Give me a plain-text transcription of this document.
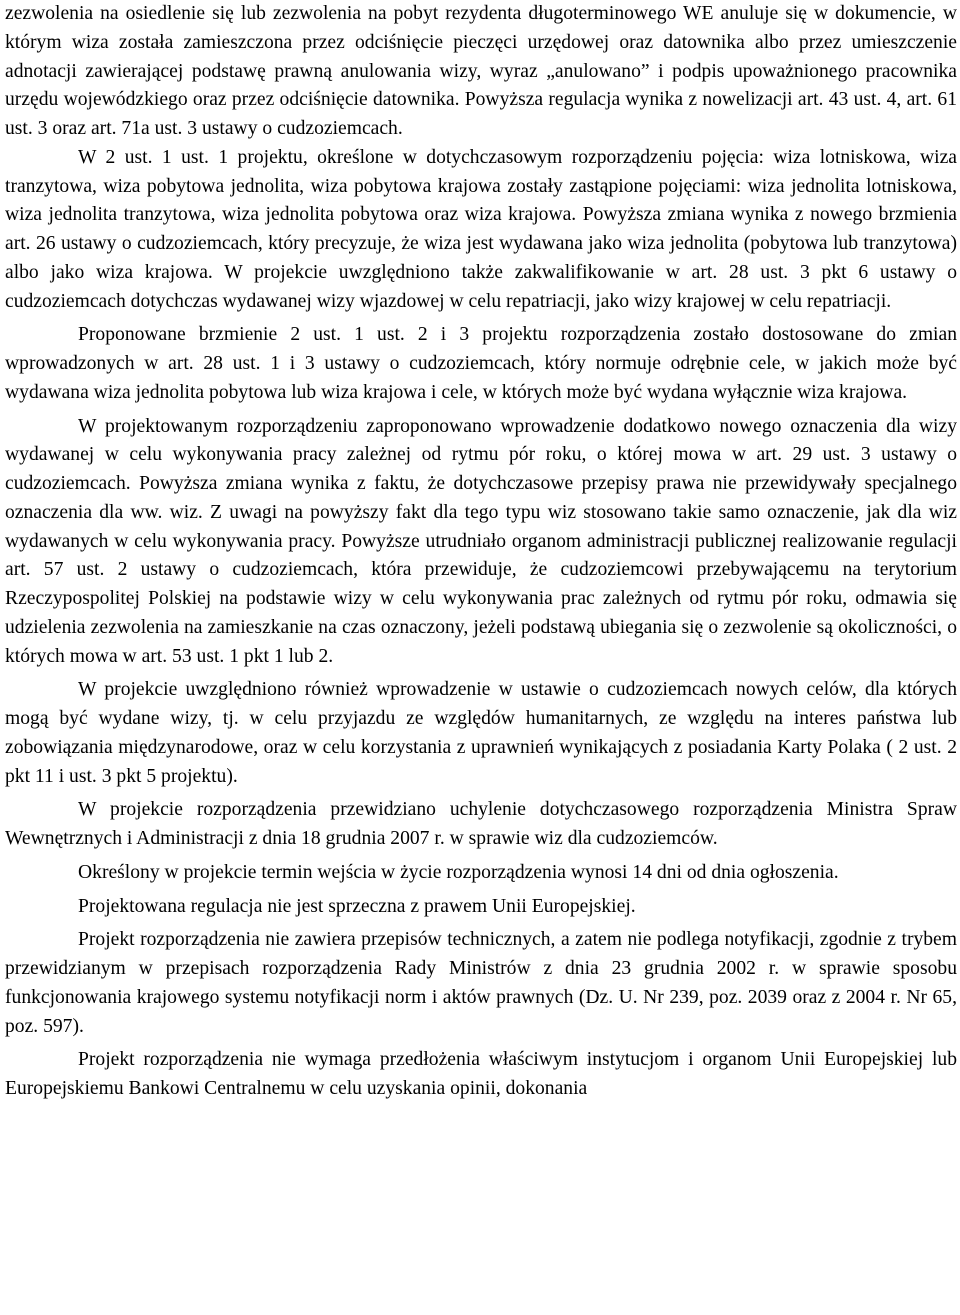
zezwolenia na osiedlenie się lub zezwolenia na pobyt rezydenta długoterminowego WE anuluje się w dokumencie, w którym wiza została zamieszczona przez odciśnięcie pieczęci urzędowej oraz datownika albo przez umieszczenie adnotacji zawierającej podstawę prawną anulowania wizy, wyraz „anulowano” i podpis upoważnionego pracownika urzędu wojewódzkiego oraz przez odciśnięcie datownika. Powyższa regulacja wynika z nowelizacji art. 43 ust. 4, art. 61 ust. 3 oraz art. 71a ust. 3 ustawy o cudzoziemcach.

W 2 ust. 1 ust. 1 projektu, określone w dotychczasowym rozporządzeniu pojęcia: wiza lotniskowa, wiza tranzytowa, wiza pobytowa jednolita, wiza pobytowa krajowa zostały zastąpione pojęciami: wiza jednolita lotniskowa, wiza jednolita tranzytowa, wiza jednolita pobytowa oraz wiza krajowa. Powyższa zmiana wynika z nowego brzmienia art. 26 ustawy o cudzoziemcach, który precyzuje, że wiza jest wydawana jako wiza jednolita (pobytowa lub tranzytowa) albo jako wiza krajowa. W projekcie uwzględniono także zakwalifikowanie w art. 28 ust. 3 pkt 6 ustawy o cudzoziemcach dotychczas wydawanej wizy wjazdowej w celu repatriacji, jako wizy krajowej w celu repatriacji.

Proponowane brzmienie 2 ust. 1 ust. 2 i 3 projektu rozporządzenia zostało dostosowane do zmian wprowadzonych w art. 28 ust. 1 i 3 ustawy o cudzoziemcach, który normuje odrębnie cele, w jakich może być wydawana wiza jednolita pobytowa lub wiza krajowa i cele, w których może być wydana wyłącznie wiza krajowa.

W projektowanym rozporządzeniu zaproponowano wprowadzenie dodatkowo nowego oznaczenia dla wizy wydawanej w celu wykonywania pracy zależnej od rytmu pór roku, o której mowa w art. 29 ust. 3 ustawy o cudzoziemcach. Powyższa zmiana wynika z faktu, że dotychczasowe przepisy prawa nie przewidywały specjalnego oznaczenia dla ww. wiz. Z uwagi na powyższy fakt dla tego typu wiz stosowano takie samo oznaczenie, jak dla wiz wydawanych w celu wykonywania pracy. Powyższe utrudniało organom administracji publicznej realizowanie regulacji art. 57 ust. 2 ustawy o cudzoziemcach, która przewiduje, że cudzoziemcowi przebywającemu na terytorium Rzeczypospolitej Polskiej na podstawie wizy w celu wykonywania prac zależnych od rytmu pór roku, odmawia się udzielenia zezwolenia na zamieszkanie na czas oznaczony, jeżeli podstawą ubiegania się o zezwolenie są okoliczności, o których mowa w art. 53 ust. 1 pkt 1 lub 2.

W projekcie uwzględniono również wprowadzenie w ustawie o cudzoziemcach nowych celów, dla których mogą być wydane wizy, tj. w celu przyjazdu ze względów humanitarnych, ze względu na interes państwa lub zobowiązania międzynarodowe, oraz w celu korzystania z uprawnień wynikających z posiadania Karty Polaka ( 2 ust. 2 pkt 11 i ust. 3 pkt 5 projektu).

W projekcie rozporządzenia przewidziano uchylenie dotychczasowego rozporządzenia Ministra Spraw Wewnętrznych i Administracji z dnia 18 grudnia 2007 r. w sprawie wiz dla cudzoziemców.

Określony w projekcie termin wejścia w życie rozporządzenia wynosi 14 dni od dnia ogłoszenia.

Projektowana regulacja nie jest sprzeczna z prawem Unii Europejskiej.

Projekt rozporządzenia nie zawiera przepisów technicznych, a zatem nie podlega notyfikacji, zgodnie z trybem przewidzianym w przepisach rozporządzenia Rady Ministrów z dnia 23 grudnia 2002 r. w sprawie sposobu funkcjonowania krajowego systemu notyfikacji norm i aktów prawnych (Dz. U. Nr 239, poz. 2039 oraz z 2004 r. Nr 65, poz. 597).

Projekt rozporządzenia nie wymaga przedłożenia właściwym instytucjom i organom Unii Europejskiej lub Europejskiemu Bankowi Centralnemu w celu uzyskania opinii, dokonania
